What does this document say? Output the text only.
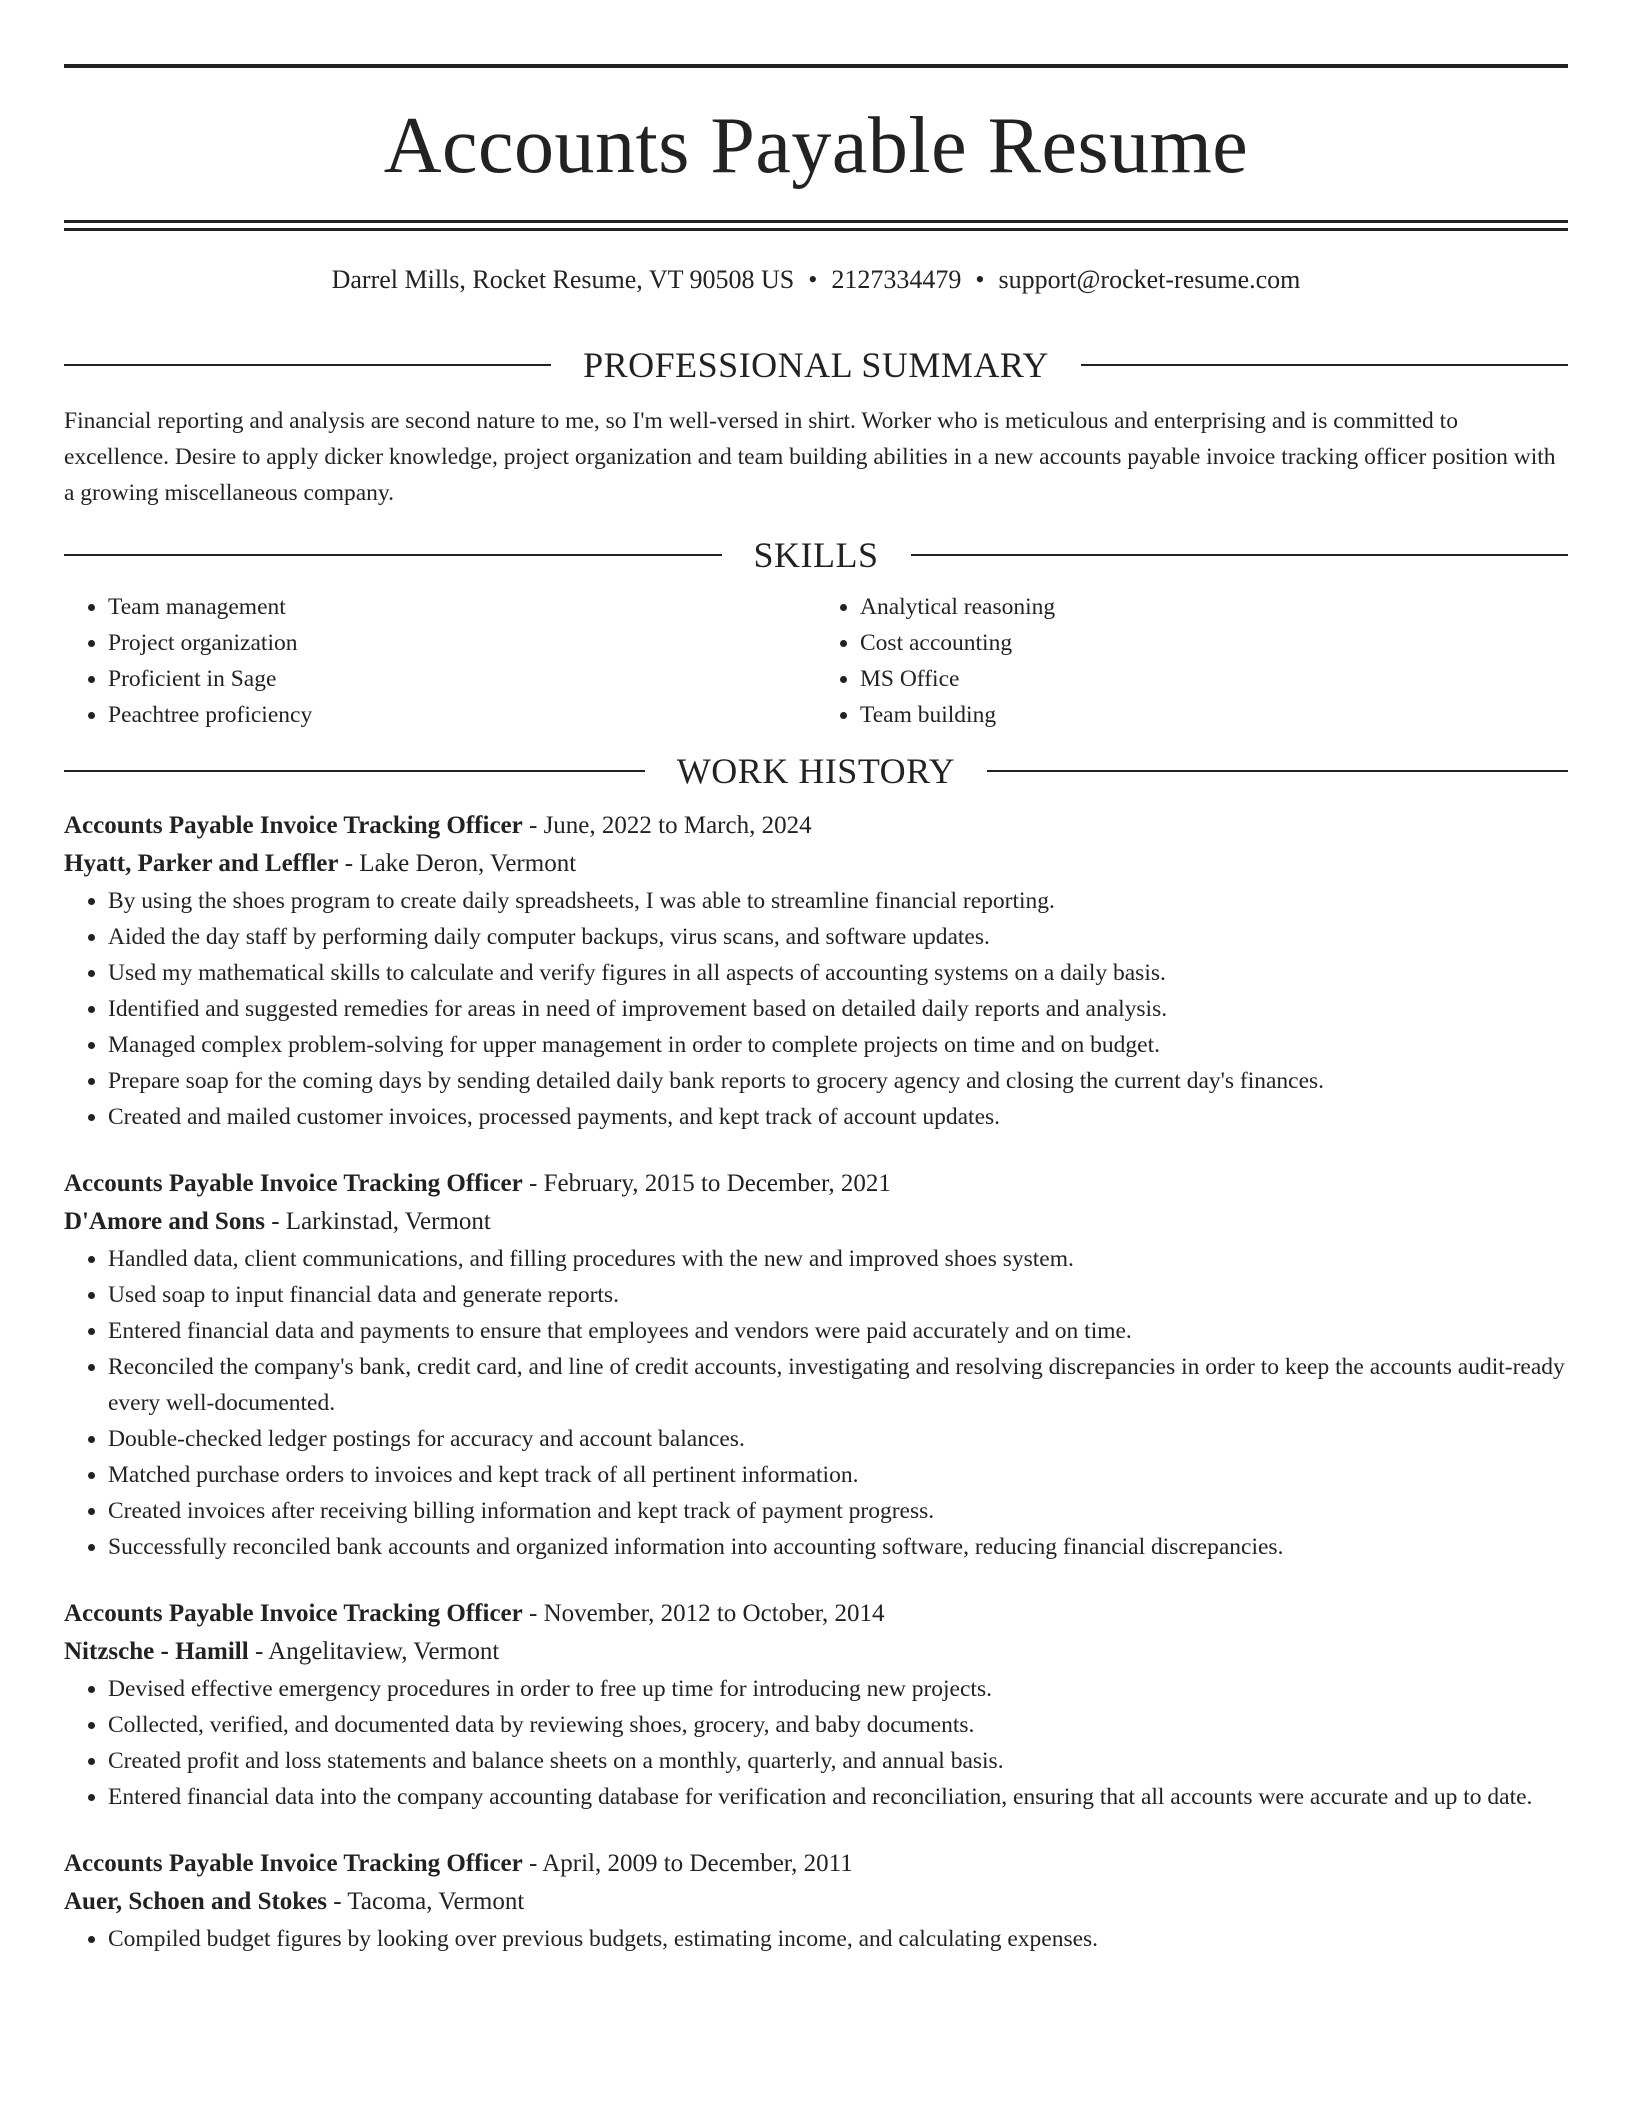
Accounts Payable Resume
Darrel Mills, Rocket Resume, VT 90508 US • 2127334479 • support@rocket-resume.com
PROFESSIONAL SUMMARY

Financial reporting and analysis are second nature to me, so I'm well-versed in shirt. Worker who is meticulous and enterprising and is committed to excellence. Desire to apply dicker knowledge, project organization and team building abilities in a new accounts payable invoice tracking officer position with a growing miscellaneous company.

SKILLS
• Team management
• Project organization
• Proficient in Sage
• Peachtree proficiency
• Analytical reasoning
• Cost accounting
• MS Office
• Team building
WORK HISTORY
Accounts Payable Invoice Tracking Officer - June, 2022 to March, 2024
Hyatt, Parker and Leffler - Lake Deron, Vermont
• By using the shoes program to create daily spreadsheets, I was able to streamline financial reporting.
• Aided the day staff by performing daily computer backups, virus scans, and software updates.
• Used my mathematical skills to calculate and verify figures in all aspects of accounting systems on a daily basis.
• Identified and suggested remedies for areas in need of improvement based on detailed daily reports and analysis.
• Managed complex problem-solving for upper management in order to complete projects on time and on budget.
• Prepare soap for the coming days by sending detailed daily bank reports to grocery agency and closing the current day's finances.
• Created and mailed customer invoices, processed payments, and kept track of account updates.
Accounts Payable Invoice Tracking Officer - February, 2015 to December, 2021
D'Amore and Sons - Larkinstad, Vermont
• Handled data, client communications, and filling procedures with the new and improved shoes system.
• Used soap to input financial data and generate reports.
• Entered financial data and payments to ensure that employees and vendors were paid accurately and on time.
• Reconciled the company's bank, credit card, and line of credit accounts, investigating and resolving discrepancies in order to keep the accounts audit-ready every well-documented.
• Double-checked ledger postings for accuracy and account balances.
• Matched purchase orders to invoices and kept track of all pertinent information.
• Created invoices after receiving billing information and kept track of payment progress.
• Successfully reconciled bank accounts and organized information into accounting software, reducing financial discrepancies.
Accounts Payable Invoice Tracking Officer - November, 2012 to October, 2014
Nitzsche - Hamill - Angelitaview, Vermont
• Devised effective emergency procedures in order to free up time for introducing new projects.
• Collected, verified, and documented data by reviewing shoes, grocery, and baby documents.
• Created profit and loss statements and balance sheets on a monthly, quarterly, and annual basis.
• Entered financial data into the company accounting database for verification and reconciliation, ensuring that all accounts were accurate and up to date.
Accounts Payable Invoice Tracking Officer - April, 2009 to December, 2011
Auer, Schoen and Stokes - Tacoma, Vermont
• Compiled budget figures by looking over previous budgets, estimating income, and calculating expenses.
